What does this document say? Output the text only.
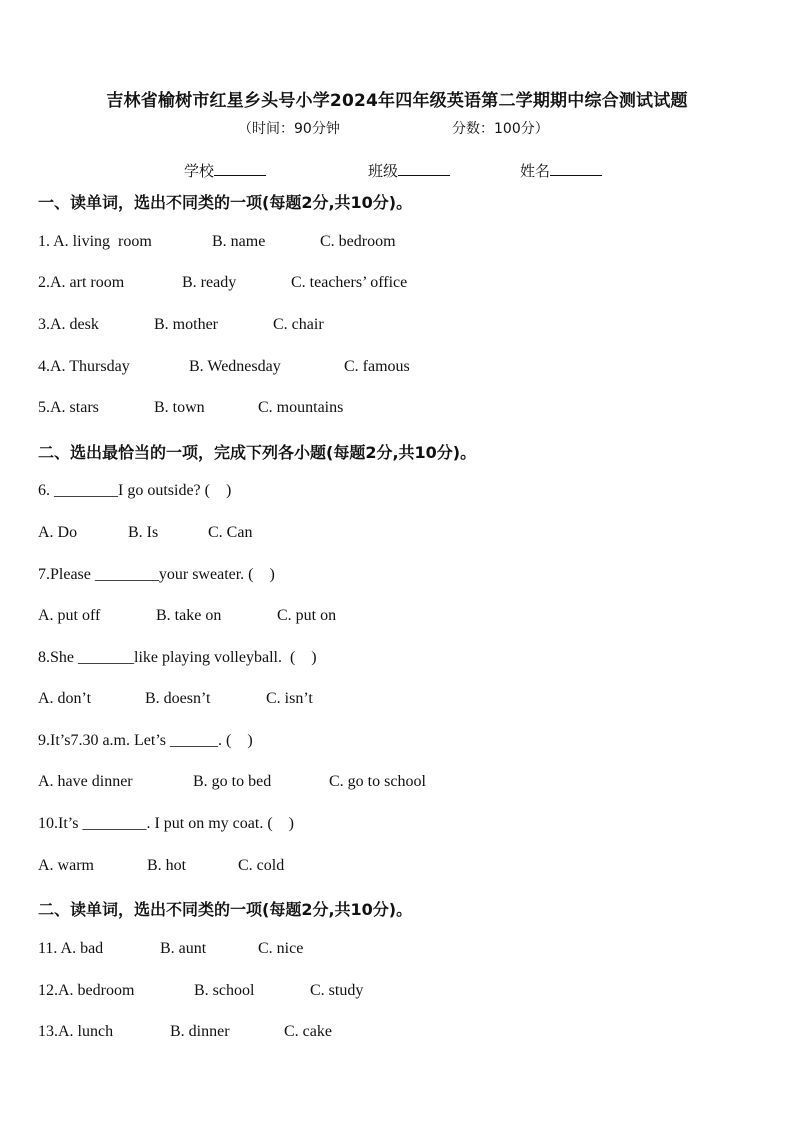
吉林省榆树市红星乡头号小学2024年四年级英语第二学期期中综合测试试题
（时间：90分钟	分数：100分）
学校	班级	姓名
一、读单词，选出不同类的一项(每题2分,共10分)。
1. A. living  room	B. name	C. bedroom
2.A. art room	B. ready	C. teachers’ office
3.A. desk	B. mother	C. chair
4.A. Thursday	B. Wednesday	C. famous
5.A. stars	B. town	C. mountains
二、选出最恰当的一项，完成下列各小题(每题2分,共10分)。
6. ________I go outside? (    )
A. Do	B. Is	C. Can
7.Please ________your sweater. (    )
A. put off	B. take on	C. put on
8.She _______like playing volleyball.  (    )
A. don’t	B. doesn’t	C. isn’t
9.It’s7.30 a.m. Let’s ______. (    )
A. have dinner	B. go to bed	C. go to school
10.It’s ________. I put on my coat. (    )
A. warm	B. hot	C. cold
二、读单词，选出不同类的一项(每题2分,共10分)。
11. A. bad	B. aunt	C. nice
12.A. bedroom	B. school	C. study
13.A. lunch	B. dinner	C. cake
